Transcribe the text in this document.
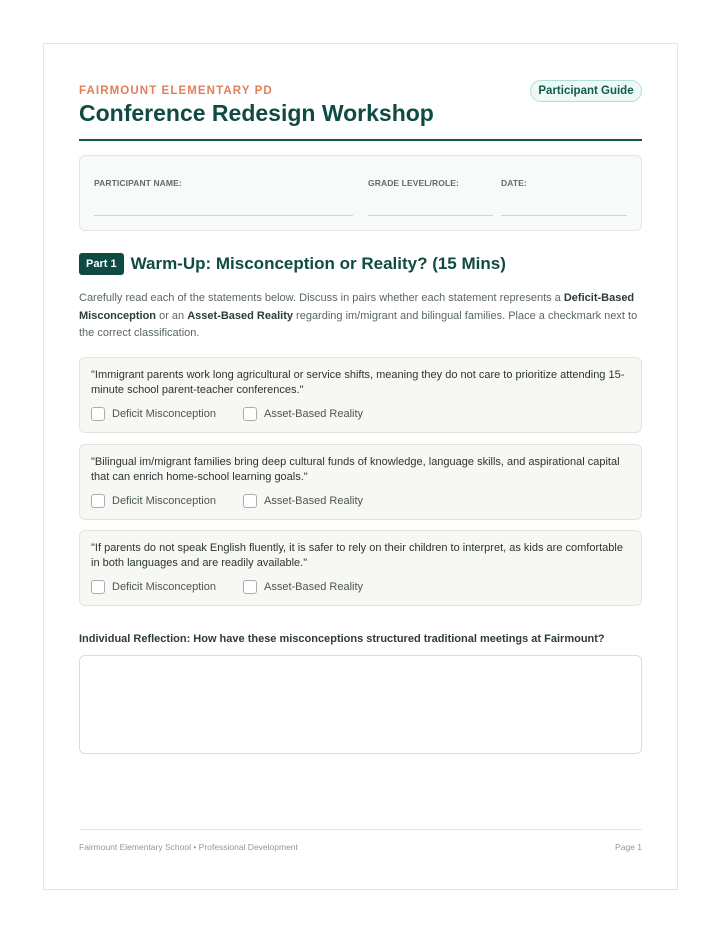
FAIRMOUNT ELEMENTARY PD	Participant Guide
Conference Redesign Workshop
PARTICIPANT NAME:	GRADE LEVEL/ROLE:	DATE:
Part 1 Warm-Up: Misconception or Reality? (15 Mins)

Carefully read each of the statements below. Discuss in pairs whether each statement represents a Deficit-Based Misconception or an Asset-Based Reality regarding im/migrant and bilingual families. Place a checkmark next to the correct classification.

"Immigrant parents work long agricultural or service shifts, meaning they do not care to prioritize attending 15-minute school parent-teacher conferences."
Deficit Misconception	Asset-Based Reality
"Bilingual im/migrant families bring deep cultural funds of knowledge, language skills, and aspirational capital that can enrich home-school learning goals."
Deficit Misconception	Asset-Based Reality
"If parents do not speak English fluently, it is safer to rely on their children to interpret, as kids are comfortable in both languages and are readily available."
Deficit Misconception	Asset-Based Reality
Individual Reflection: How have these misconceptions structured traditional meetings at Fairmount?
Fairmount Elementary School • Professional Development	Page 1
